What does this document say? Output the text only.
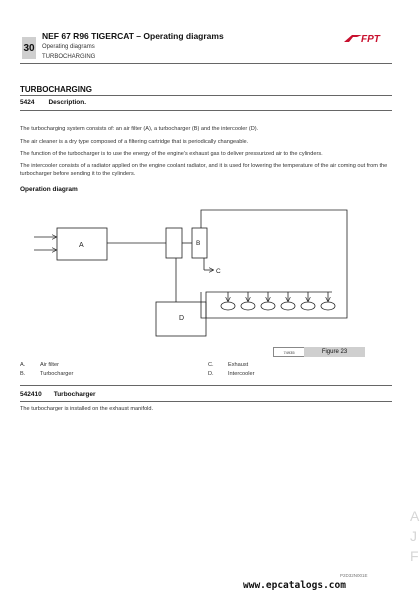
30
NEF 67 R96 TIGERCAT – Operating diagrams
Operating diagrams
TURBOCHARGING
FPT
TURBOCHARGING
5424 Description.
The turbocharging system consists of: an air filter (A), a turbocharger (B) and the intercooler (D).
The air cleaner is a dry type composed of a filtering cartridge that is periodically changeable.
The function of the turbocharger is to use the energy of the engine's exhaust gas to deliver pressurized air to the cylinders.
The intercooler consists of a radiator applied on the engine coolant radiator, and it is used for lowering the temperature of the air coming out from the turbocharger before sending it to the cylinders.
Operation diagram
A	B
C
D
74935	Figure 23
A.	Air filter
B.	Turbocharger
C.	Exhaust
D.	Intercooler
542410 Turbocharger
The turbocharger is installed on the exhaust manifold.
A
J
F
P2D32N001E
www.epcatalogs.com
